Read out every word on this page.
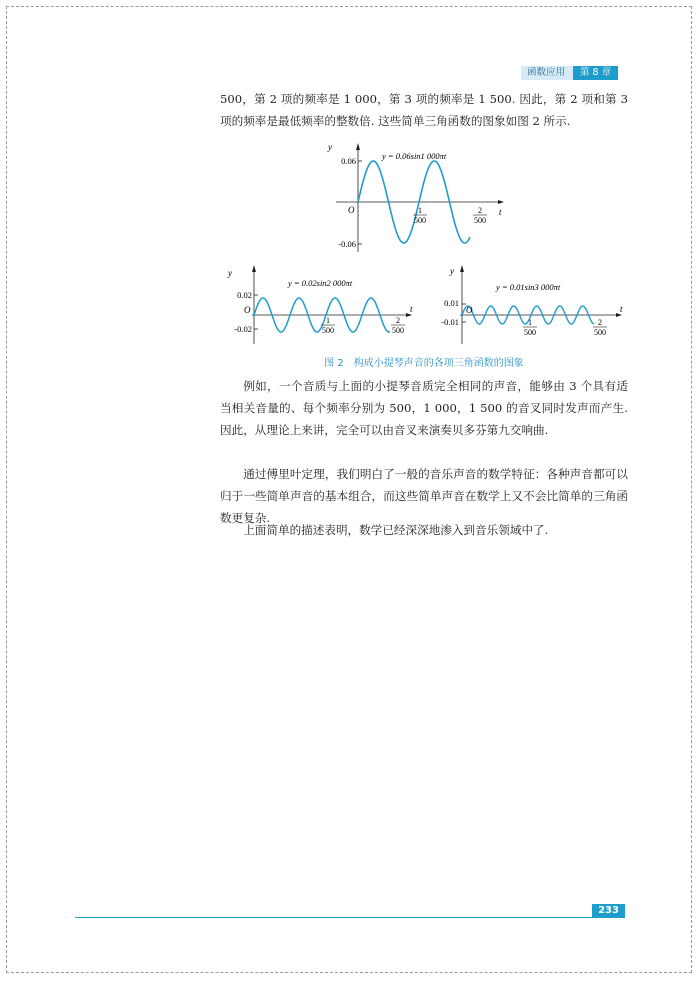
函数应用	第 8 章

500，第 2 项的频率是 1 000，第 3 项的频率是 1 500. 因此，第 2 项和第 3 项的频率是最低频率的整数倍. 这些简单三角函数的图象如图 2 所示.

y
t
O
0.06
-0.06
y = 0.06sin1 000πt
1
500
2
500
y
t
O
0.02
-0.02
y = 0.02sin2 000πt
1
500
2
500
y
t
O
0.01
-0.01
y = 0.01sin3 000πt
1
500
2
500
图 2　构成小提琴声音的各项三角函数的图象

例如，一个音质与上面的小提琴音质完全相同的声音，能够由 3 个具有适当相关音量的、每个频率分别为 500，1 000，1 500 的音叉同时发声而产生. 因此，从理论上来讲，完全可以由音叉来演奏贝多芬第九交响曲.

通过傅里叶定理，我们明白了一般的音乐声音的数学特征：各种声音都可以归于一些简单声音的基本组合，而这些简单声音在数学上又不会比简单的三角函数更复杂.

上面简单的描述表明，数学已经深深地渗入到音乐领域中了.

233
